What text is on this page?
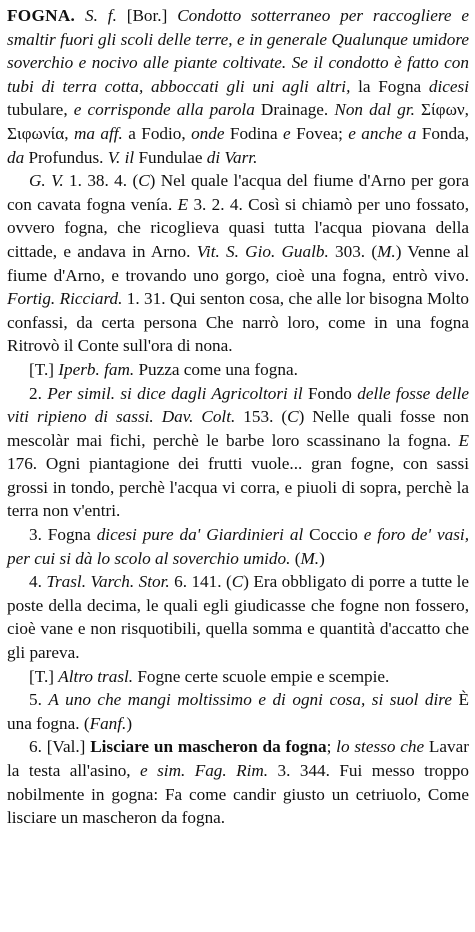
FOGNA. S. f. [Bor.] Condotto sotterraneo per raccogliere e smaltir fuori gli scoli delle terre, e in generale Qualunque umidore soverchio e nocivo alle piante coltivate. Se il condotto è fatto con tubi di terra cotta, abboccati gli uni agli altri, la Fogna dicesi tubulare, e corrisponde alla parola Drainage. Non dal gr. Σίφων, Σιφωνία, ma aff. a Fodio, onde Fodina e Fovea; e anche a Fonda, da Profundus. V. il Fundulae di Varr.
G. V. 1. 38. 4. (C) Nel quale l'acqua del fiume d'Arno per gora con cavata fogna venía. E 3. 2. 4. Così si chiamò per uno fossato, ovvero fogna, che ricoglieva quasi tutta l'acqua piovana della cittade, e andava in Arno. Vit. S. Gio. Gualb. 303. (M.) Venne al fiume d'Arno, e trovando uno gorgo, cioè una fogna, entrò vivo. Fortig. Ricciard. 1. 31. Qui senton cosa, che alle lor bisogna Molto confassi, da certa persona Che narrò loro, come in una fogna Ritrovò il Conte sull'ora di nona.
[T.] Iperb. fam. Puzza come una fogna.
2. Per simil. si dice dagli Agricoltori il Fondo delle fosse delle viti ripieno di sassi. Dav. Colt. 153. (C) Nelle quali fosse non mescolàr mai fichi, perchè le barbe loro scassinano la fogna. E 176. Ogni piantagione dei frutti vuole... gran fogne, con sassi grossi in tondo, perchè l'acqua vi corra, e piuoli di sopra, perchè la terra non v'entri.
3. Fogna dicesi pure da' Giardinieri al Coccio e foro de' vasi, per cui si dà lo scolo al soverchio umido. (M.)
4. Trasl. Varch. Stor. 6. 141. (C) Era obbligato di porre a tutte le poste della decima, le quali egli giudicasse che fogne non fossero, cioè vane e non risquotibili, quella somma e quantità d'accatto che gli pareva.
[T.] Altro trasl. Fogne certe scuole empie e scempie.
5. A uno che mangi moltissimo e di ogni cosa, si suol dire È una fogna. (Fanf.)
6. [Val.] Lisciare un mascheron da fogna; lo stesso che Lavar la testa all'asino, e sim. Fag. Rim. 3. 344. Fui messo troppo nobilmente in gogna: Fa come candir giusto un cetriuolo, Come lisciare un mascheron da fogna.
